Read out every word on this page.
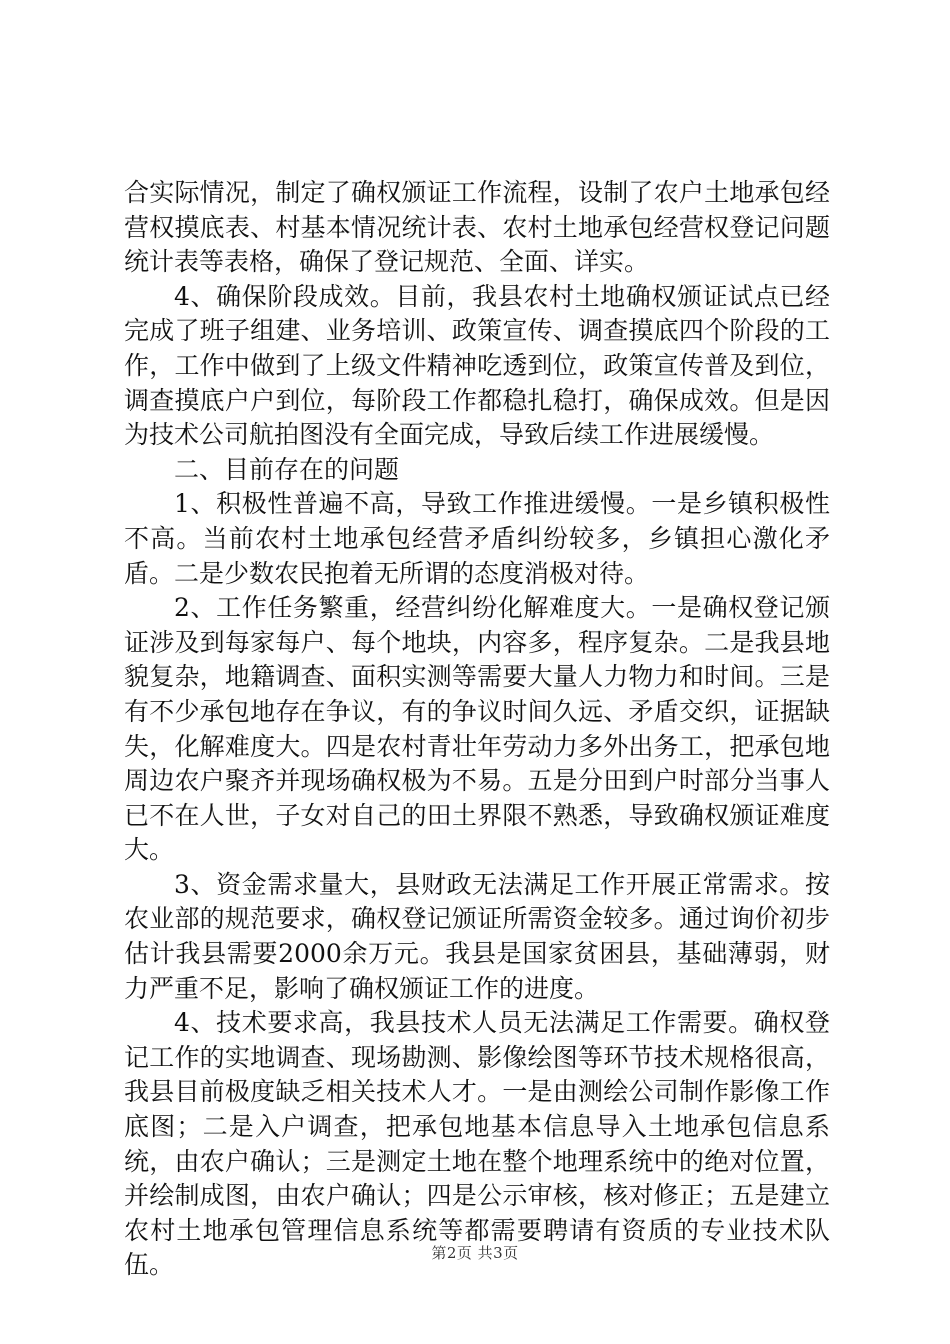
合实际情况，制定了确权颁证工作流程，设制了农户土地承包经营权摸底表、村基本情况统计表、农村土地承包经营权登记问题统计表等表格，确保了登记规范、全面、详实。

4、确保阶段成效。目前，我县农村土地确权颁证试点已经完成了班子组建、业务培训、政策宣传、调查摸底四个阶段的工作，工作中做到了上级文件精神吃透到位，政策宣传普及到位，调查摸底户户到位，每阶段工作都稳扎稳打，确保成效。但是因为技术公司航拍图没有全面完成，导致后续工作进展缓慢。

二、目前存在的问题

1、积极性普遍不高，导致工作推进缓慢。一是乡镇积极性不高。当前农村土地承包经营矛盾纠纷较多，乡镇担心激化矛盾。二是少数农民抱着无所谓的态度消极对待。

2、工作任务繁重，经营纠纷化解难度大。一是确权登记颁证涉及到每家每户、每个地块，内容多，程序复杂。二是我县地貌复杂，地籍调查、面积实测等需要大量人力物力和时间。三是有不少承包地存在争议，有的争议时间久远、矛盾交织，证据缺失，化解难度大。四是农村青壮年劳动力多外出务工，把承包地周边农户聚齐并现场确权极为不易。五是分田到户时部分当事人已不在人世，子女对自己的田土界限不熟悉，导致确权颁证难度大。

3、资金需求量大，县财政无法满足工作开展正常需求。按农业部的规范要求，确权登记颁证所需资金较多。通过询价初步估计我县需要2000余万元。我县是国家贫困县，基础薄弱，财力严重不足，影响了确权颁证工作的进度。

4、技术要求高，我县技术人员无法满足工作需要。确权登记工作的实地调查、现场勘测、影像绘图等环节技术规格很高，我县目前极度缺乏相关技术人才。一是由测绘公司制作影像工作底图；二是入户调查，把承包地基本信息导入土地承包信息系统，由农户确认；三是测定土地在整个地理系统中的绝对位置，并绘制成图，由农户确认；四是公示审核，核对修正；五是建立农村土地承包管理信息系统等都需要聘请有资质的专业技术队伍。	第2页 共3页
